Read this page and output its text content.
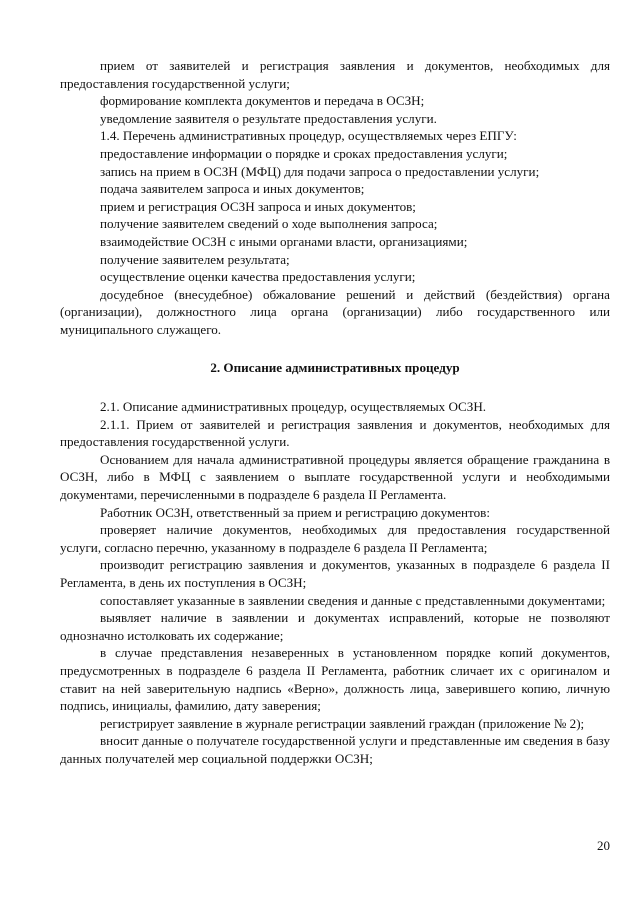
прием от заявителей и регистрация заявления и документов, необходимых для предоставления государственной услуги;

формирование комплекта документов и передача в ОСЗН;

уведомление заявителя о результате предоставления услуги.

1.4. Перечень административных процедур, осуществляемых через ЕПГУ:

предоставление информации о порядке и сроках предоставления услуги;

запись на прием в ОСЗН (МФЦ) для подачи запроса о предоставлении услуги;

подача заявителем запроса и иных документов;

прием и регистрация ОСЗН запроса и иных документов;

получение заявителем сведений о ходе выполнения запроса;

взаимодействие ОСЗН с иными органами власти, организациями;

получение заявителем результата;

осуществление оценки качества предоставления услуги;

досудебное (внесудебное) обжалование решений и действий (бездействия) органа (организации), должностного лица органа (организации) либо государственного или муниципального служащего.

2. Описание административных процедур

2.1. Описание административных процедур, осуществляемых ОСЗН.

2.1.1. Прием от заявителей и регистрация заявления и документов, необходимых для предоставления государственной услуги.

Основанием для начала административной процедуры является обращение гражданина в ОСЗН, либо в МФЦ с заявлением о выплате государственной услуги и необходимыми документами, перечисленными в подразделе 6 раздела II Регламента.

Работник ОСЗН, ответственный за прием и регистрацию документов:

проверяет наличие документов, необходимых для предоставления государственной услуги, согласно перечню, указанному в подразделе 6 раздела II Регламента;

производит регистрацию заявления и документов, указанных в подразделе 6 раздела II Регламента, в день их поступления в ОСЗН;

сопоставляет указанные в заявлении сведения и данные с представленными документами;

выявляет наличие в заявлении и документах исправлений, которые не позволяют однозначно истолковать их содержание;

в случае представления незаверенных в установленном порядке копий документов, предусмотренных в подразделе 6 раздела II Регламента, работник сличает их с оригиналом и ставит на ней заверительную надпись «Верно», должность лица, заверившего копию, личную подпись, инициалы, фамилию, дату заверения;

регистрирует заявление в журнале регистрации заявлений граждан (приложение № 2);

вносит данные о получателе государственной услуги и представленные им сведения в базу данных получателей мер социальной поддержки ОСЗН;

20
